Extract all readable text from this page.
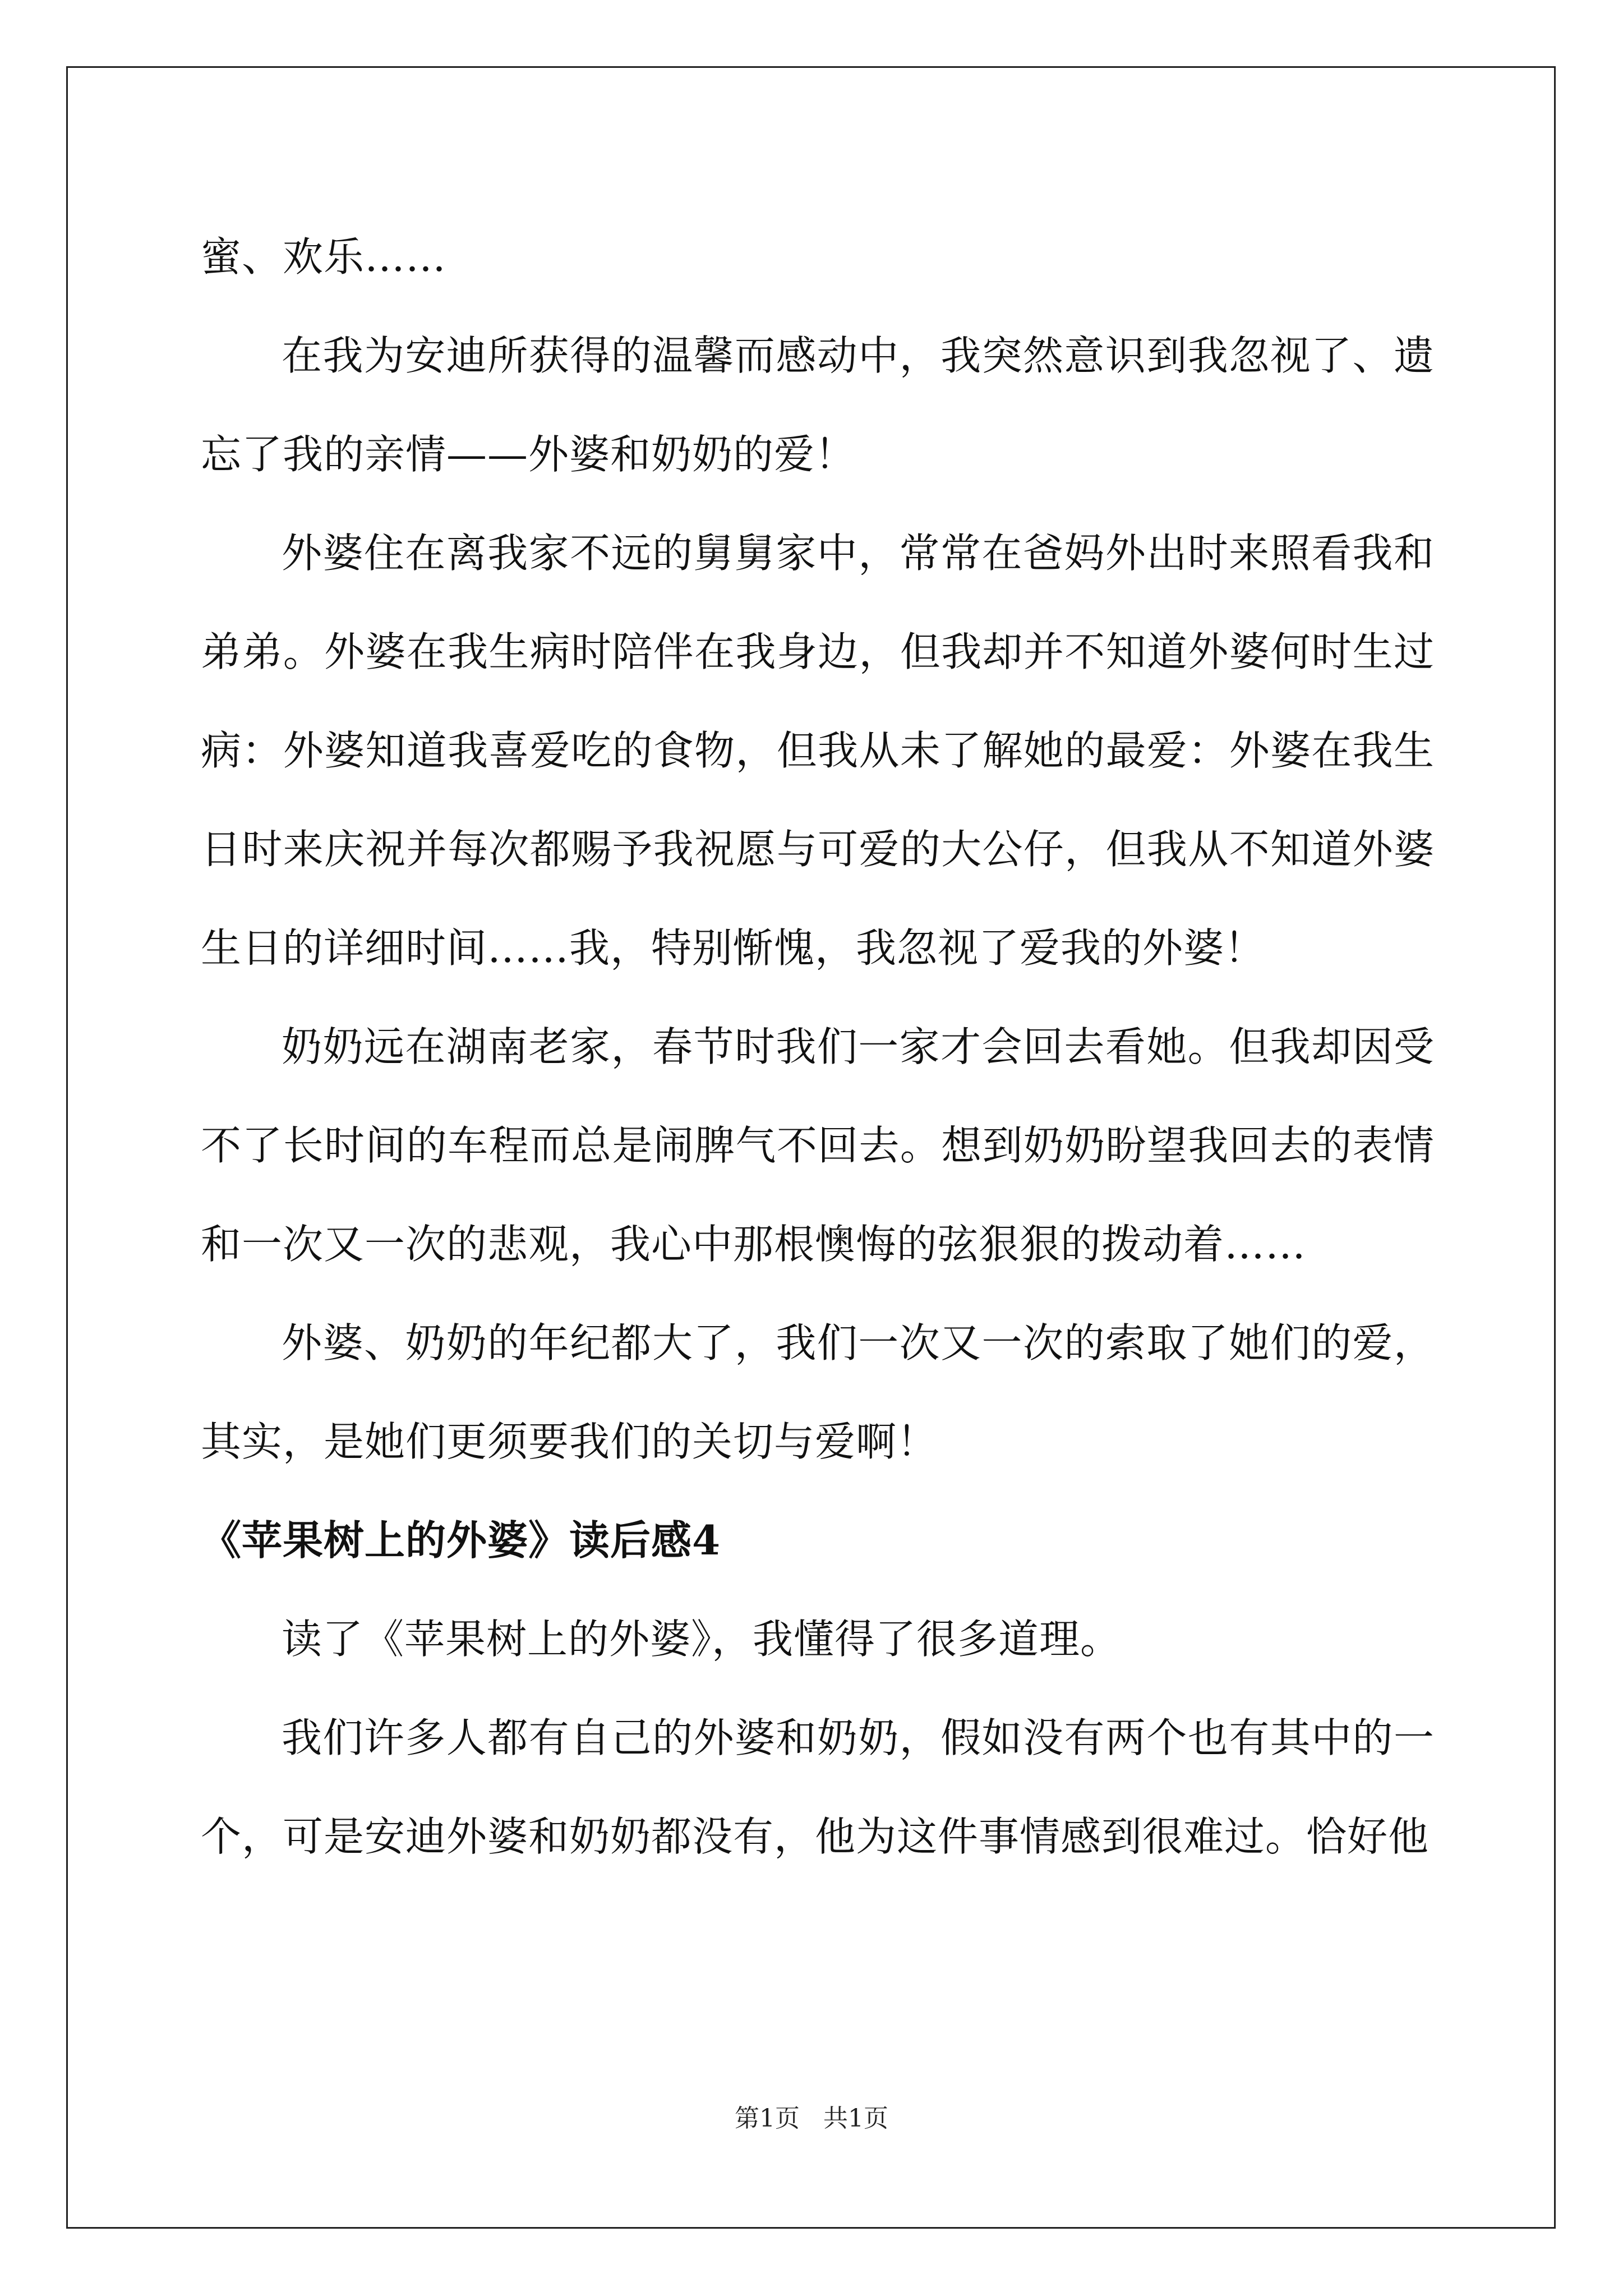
蜜、欢乐……

在我为安迪所获得的温馨而感动中，我突然意识到我忽视了、遗忘了我的亲情——外婆和奶奶的爱！

外婆住在离我家不远的舅舅家中，常常在爸妈外出时来照看我和弟弟。外婆在我生病时陪伴在我身边，但我却并不知道外婆何时生过病：外婆知道我喜爱吃的食物，但我从未了解她的最爱：外婆在我生日时来庆祝并每次都赐予我祝愿与可爱的大公仔，但我从不知道外婆生日的详细时间……我，特别惭愧，我忽视了爱我的外婆！

奶奶远在湖南老家，春节时我们一家才会回去看她。但我却因受不了长时间的车程而总是闹脾气不回去。想到奶奶盼望我回去的表情和一次又一次的悲观，我心中那根懊悔的弦狠狠的拨动着……

外婆、奶奶的年纪都大了，我们一次又一次的索取了她们的爱，其实，是她们更须要我们的关切与爱啊！

《苹果树上的外婆》读后感4

读了《苹果树上的外婆》，我懂得了很多道理。

我们许多人都有自己的外婆和奶奶，假如没有两个也有其中的一个，可是安迪外婆和奶奶都没有，他为这件事情感到很难过。恰好他

第1页   共1页
